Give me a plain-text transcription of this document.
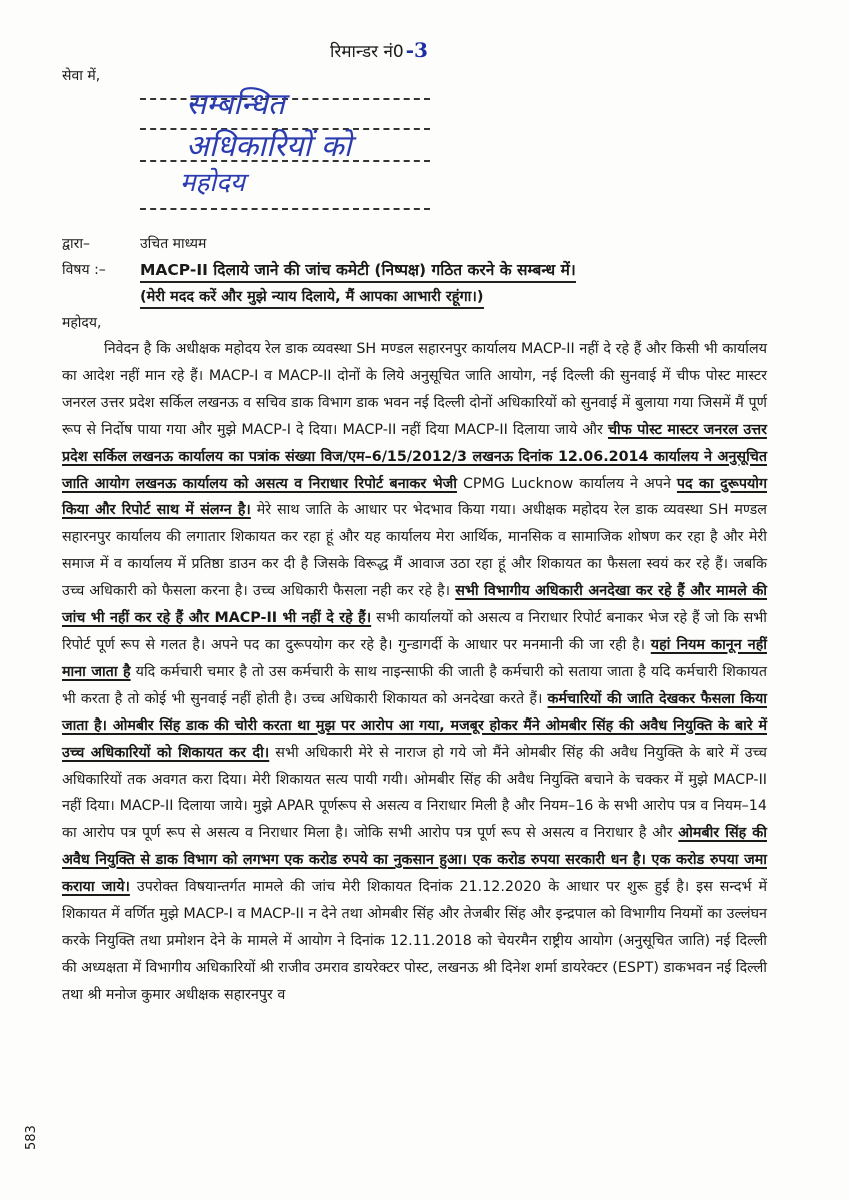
रिमान्डर नं0 -3
सेवा में,
सम्बन्धित
अधिकारियों को
महोदय
द्वारा–	उचित माध्यम
विषय :– MACP-II दिलाये जाने की जांच कमेटी (निष्पक्ष) गठित करने के सम्बन्ध में।
(मेरी मदद करें और मुझे न्याय दिलाये, मैं आपका आभारी रहूंगा।)
महोदय,
निवेदन है कि अधीक्षक महोदय रेल डाक व्यवस्था SH मण्डल सहारनपुर कार्यालय MACP-II नहीं दे रहे हैं और किसी भी कार्यालय का आदेश नहीं मान रहे हैं। MACP-I व MACP-II दोनों के लिये अनुसूचित जाति आयोग, नई दिल्ली की सुनवाई में चीफ पोस्ट मास्टर जनरल उत्तर प्रदेश सर्किल लखनऊ व सचिव डाक विभाग डाक भवन नई दिल्ली दोनों अधिकारियों को सुनवाई में बुलाया गया जिसमें मैं पूर्ण रूप से निर्दोष पाया गया और मुझे MACP-I दे दिया। MACP-II नहीं दिया MACP-II दिलाया जाये और चीफ पोस्ट मास्टर जनरल उत्तर प्रदेश सर्किल लखनऊ कार्यालय का पत्रांक संख्या विज/एम–6/15/2012/3 लखनऊ दिनांक 12.06.2014 कार्यालय ने अनुसूचित जाति आयोग लखनऊ कार्यालय को असत्य व निराधार रिपोर्ट बनाकर भेजी CPMG Lucknow कार्यालय ने अपने पद का दुरूपयोग किया और रिपोर्ट साथ में संलग्न है। मेरे साथ जाति के आधार पर भेदभाव किया गया। अधीक्षक महोदय रेल डाक व्यवस्था SH मण्डल सहारनपुर कार्यालय की लगातार शिकायत कर रहा हूं और यह कार्यालय मेरा आर्थिक, मानसिक व सामाजिक शोषण कर रहा है और मेरी समाज में व कार्यालय में प्रतिष्ठा डाउन कर दी है जिसके विरूद्ध मैं आवाज उठा रहा हूं और शिकायत का फैसला स्वयं कर रहे हैं। जबकि उच्च अधिकारी को फैसला करना है। उच्च अधिकारी फैसला नही कर रहे है। सभी विभागीय अधिकारी अनदेखा कर रहे हैं और मामले की जांच भी नहीं कर रहे हैं और MACP-II भी नहीं दे रहे हैं। सभी कार्यालयों को असत्य व निराधार रिपोर्ट बनाकर भेज रहे हैं जो कि सभी रिपोर्ट पूर्ण रूप से गलत है। अपने पद का दुरूपयोग कर रहे है। गुन्डागर्दी के आधार पर मनमानी की जा रही है। यहां नियम कानून नहीं माना जाता है यदि कर्मचारी चमार है तो उस कर्मचारी के साथ नाइन्साफी की जाती है कर्मचारी को सताया जाता है यदि कर्मचारी शिकायत भी करता है तो कोई भी सुनवाई नहीं होती है। उच्च अधिकारी शिकायत को अनदेखा करते हैं। कर्मचारियों की जाति देखकर फैसला किया जाता है। ओमबीर सिंह डाक की चोरी करता था मुझ पर आरोप आ गया, मजबूर होकर मैंने ओमबीर सिंह की अवैध नियुक्ति के बारे में उच्च अधिकारियों को शिकायत कर दी। सभी अधिकारी मेरे से नाराज हो गये जो मैंने ओमबीर सिंह की अवैध नियुक्ति के बारे में उच्च अधिकारियों तक अवगत करा दिया। मेरी शिकायत सत्य पायी गयी। ओमबीर सिंह की अवैध नियुक्ति बचाने के चक्कर में मुझे MACP-II नहीं दिया। MACP-II दिलाया जाये। मुझे APAR पूर्णरूप से असत्य व निराधार मिली है और नियम–16 के सभी आरोप पत्र व नियम–14 का आरोप पत्र पूर्ण रूप से असत्य व निराधार मिला है। जोकि सभी आरोप पत्र पूर्ण रूप से असत्य व निराधार है और ओमबीर सिंह की अवैध नियुक्ति से डाक विभाग को लगभग एक करोड रुपये का नुकसान हुआ। एक करोड रुपया सरकारी धन है। एक करोड रुपया जमा कराया जाये। उपरोक्त विषयान्तर्गत मामले की जांच मेरी शिकायत दिनांक 21.12.2020 के आधार पर शुरू हुई है। इस सन्दर्भ में शिकायत में वर्णित मुझे MACP-I व MACP-II न देने तथा ओमबीर सिंह और तेजबीर सिंह और इन्द्रपाल को विभागीय नियमों का उल्लंघन करके नियुक्ति तथा प्रमोशन देने के मामले में आयोग ने दिनांक 12.11.2018 को चेयरमैन राष्ट्रीय आयोग (अनुसूचित जाति) नई दिल्ली की अध्यक्षता में विभागीय अधिकारियों श्री राजीव उमराव डायरेक्टर पोस्ट, लखनऊ श्री दिनेश शर्मा डायरेक्टर (ESPT) डाकभवन नई दिल्ली तथा श्री मनोज कुमार अधीक्षक सहारनपुर व
583
